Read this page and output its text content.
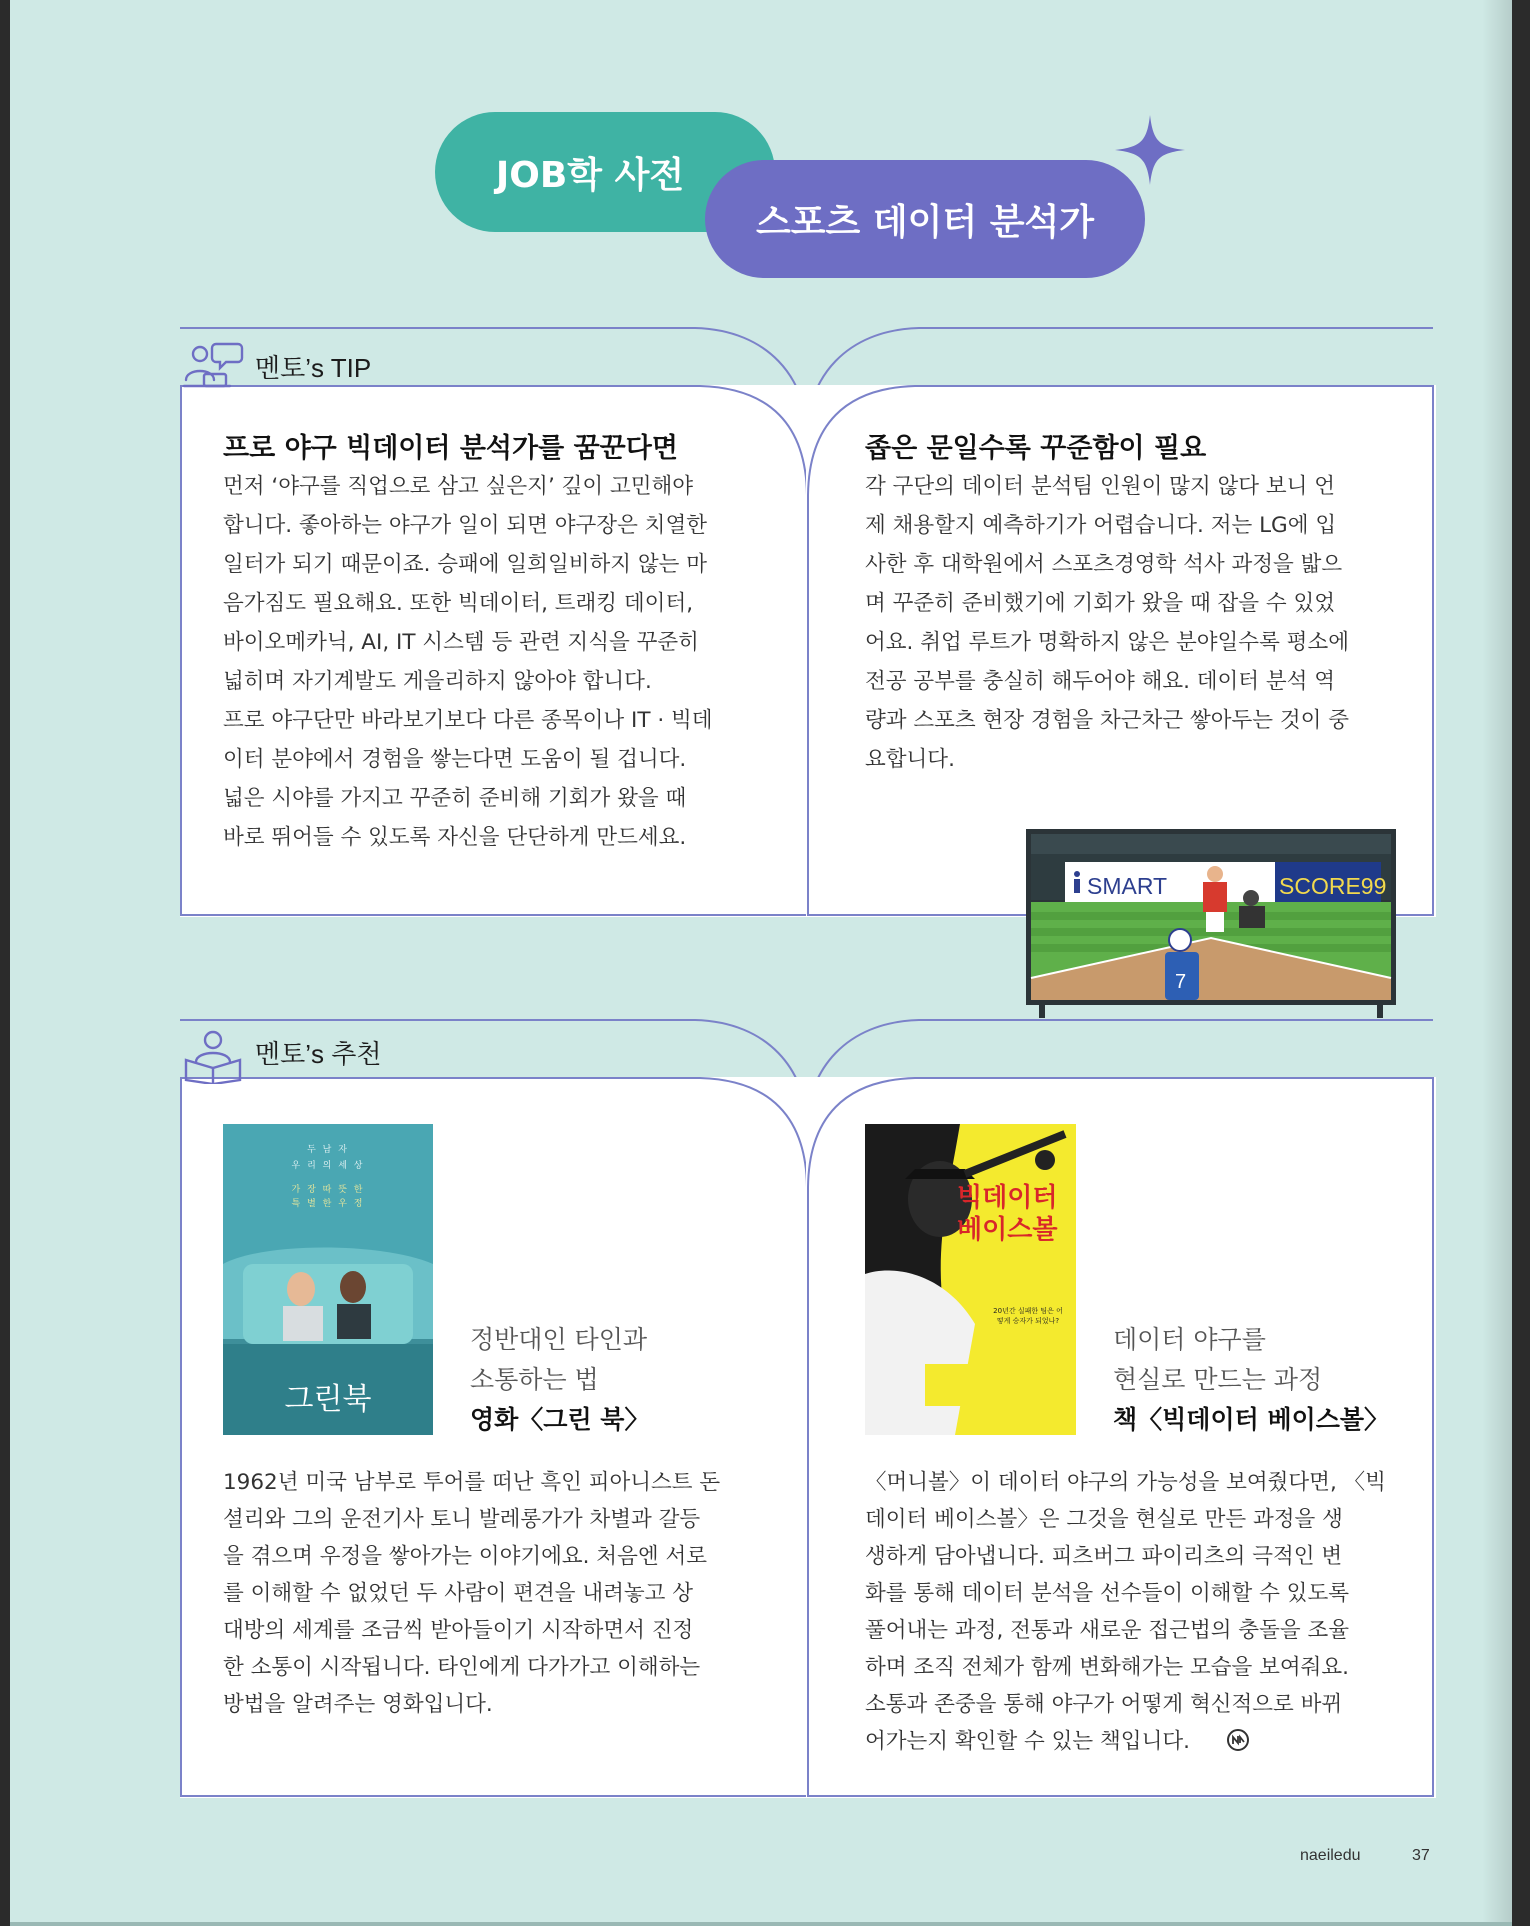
JOB학 사전
스포츠 데이터 분석가
멘토’s TIP
프로 야구 빅데이터 분석가를 꿈꾼다면
먼저 ‘야구를 직업으로 삼고 싶은지’ 깊이 고민해야
합니다. 좋아하는 야구가 일이 되면 야구장은 치열한
일터가 되기 때문이죠. 승패에 일희일비하지 않는 마
음가짐도 필요해요. 또한 빅데이터, 트래킹 데이터,
바이오메카닉, AI, IT 시스템 등 관련 지식을 꾸준히
넓히며 자기계발도 게을리하지 않아야 합니다.
프로 야구단만 바라보기보다 다른 종목이나 IT · 빅데
이터 분야에서 경험을 쌓는다면 도움이 될 겁니다.
넓은 시야를 가지고 꾸준히 준비해 기회가 왔을 때
바로 뛰어들 수 있도록 자신을 단단하게 만드세요.
좁은 문일수록 꾸준함이 필요
각 구단의 데이터 분석팀 인원이 많지 않다 보니 언
제 채용할지 예측하기가 어렵습니다. 저는 LG에 입
사한 후 대학원에서 스포츠경영학 석사 과정을 밟으
며 꾸준히 준비했기에 기회가 왔을 때 잡을 수 있었
어요. 취업 루트가 명확하지 않은 분야일수록 평소에
전공 공부를 충실히 해두어야 해요. 데이터 분석 역
량과 스포츠 현장 경험을 차근차근 쌓아두는 것이 중
요합니다.
SMART	SCORE99
7
멘토’s 추천
두 남 자
우 리 의 세 상
가 장 따 뜻 한
특 별 한 우 정
그린북
정반대인 타인과
소통하는 법
영화〈그린 북〉
1962년 미국 남부로 투어를 떠난 흑인 피아니스트 돈
셜리와 그의 운전기사 토니 발레롱가가 차별과 갈등
을 겪으며 우정을 쌓아가는 이야기에요. 처음엔 서로
를 이해할 수 없었던 두 사람이 편견을 내려놓고 상
대방의 세계를 조금씩 받아들이기 시작하면서 진정
한 소통이 시작됩니다. 타인에게 다가가고 이해하는
방법을 알려주는 영화입니다.
빅데이터
베이스볼
20년간 실패한 팀은 어떻게 승자가 되었나?
데이터 야구를
현실로 만드는 과정
책〈빅데이터 베이스볼〉
〈머니볼〉이 데이터 야구의 가능성을 보여줬다면, 〈빅
데이터 베이스볼〉은 그것을 현실로 만든 과정을 생
생하게 담아냅니다. 피츠버그 파이리츠의 극적인 변
화를 통해 데이터 분석을 선수들이 이해할 수 있도록
풀어내는 과정, 전통과 새로운 접근법의 충돌을 조율
하며 조직 전체가 함께 변화해가는 모습을 보여줘요.
소통과 존중을 통해 야구가 어떻게 혁신적으로 바뀌
어가는지 확인할 수 있는 책입니다.
naeiledu	37
